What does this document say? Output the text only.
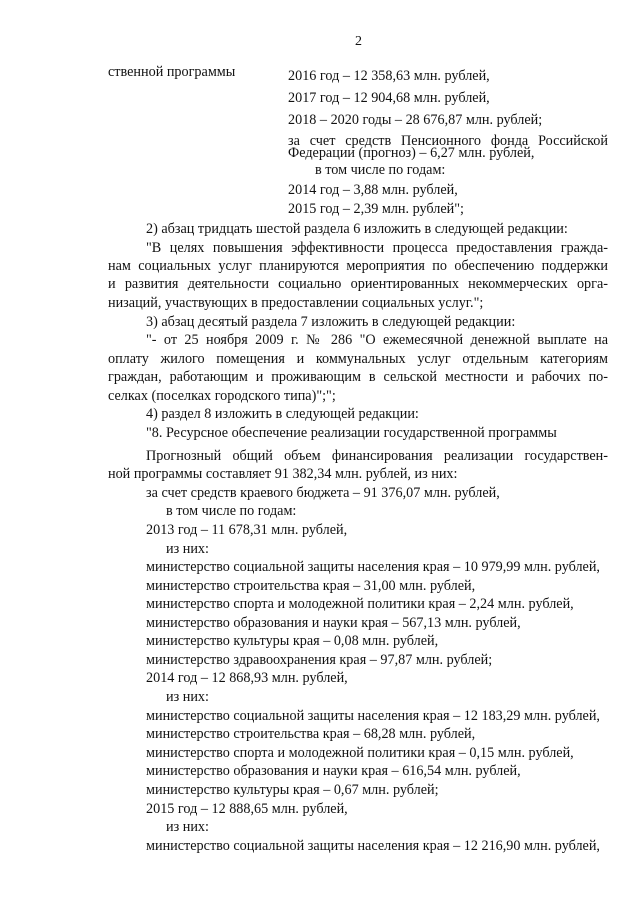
2
ственной программы	2016 год – 12 358,63 млн. рублей,
2017 год – 12 904,68 млн. рублей,
2018 – 2020 годы – 28 676,87 млн. рублей;
за счет средств Пенсионного фонда Российской
Федерации (прогноз) – 6,27 млн. рублей,
в том числе по годам:
2014 год – 3,88 млн. рублей,
2015 год – 2,39 млн. рублей";
2) абзац тридцать шестой раздела 6 изложить в следующей редакции:
"В целях повышения эффективности процесса предоставления гражда-
нам социальных услуг планируются мероприятия по обеспечению поддержки
и развития деятельности социально ориентированных некоммерческих орга-
низаций, участвующих в предоставлении социальных услуг.";
3) абзац десятый раздела 7 изложить в следующей редакции:
"- от 25 ноября 2009 г. № 286 "О ежемесячной денежной выплате на
оплату жилого помещения и коммунальных услуг отдельным категориям
граждан, работающим и проживающим в сельской местности и рабочих по-
селках (поселках городского типа)";";
4) раздел 8 изложить в следующей редакции:
"8. Ресурсное обеспечение реализации государственной программы
Прогнозный общий объем финансирования реализации государствен-
ной программы составляет 91 382,34 млн. рублей, из них:
за счет средств краевого бюджета – 91 376,07 млн. рублей,
в том числе по годам:
2013 год – 11 678,31 млн. рублей,
из них:
министерство социальной защиты населения края – 10 979,99 млн. рублей,
министерство строительства края – 31,00 млн. рублей,
министерство спорта и молодежной политики края – 2,24 млн. рублей,
министерство образования и науки края – 567,13 млн. рублей,
министерство культуры края – 0,08 млн. рублей,
министерство здравоохранения края – 97,87 млн. рублей;
2014 год – 12 868,93 млн. рублей,
из них:
министерство социальной защиты населения края – 12 183,29 млн. рублей,
министерство строительства края – 68,28 млн. рублей,
министерство спорта и молодежной политики края – 0,15 млн. рублей,
министерство образования и науки края – 616,54 млн. рублей,
министерство культуры края – 0,67 млн. рублей;
2015 год – 12 888,65 млн. рублей,
из них:
министерство социальной защиты населения края – 12 216,90 млн. рублей,
